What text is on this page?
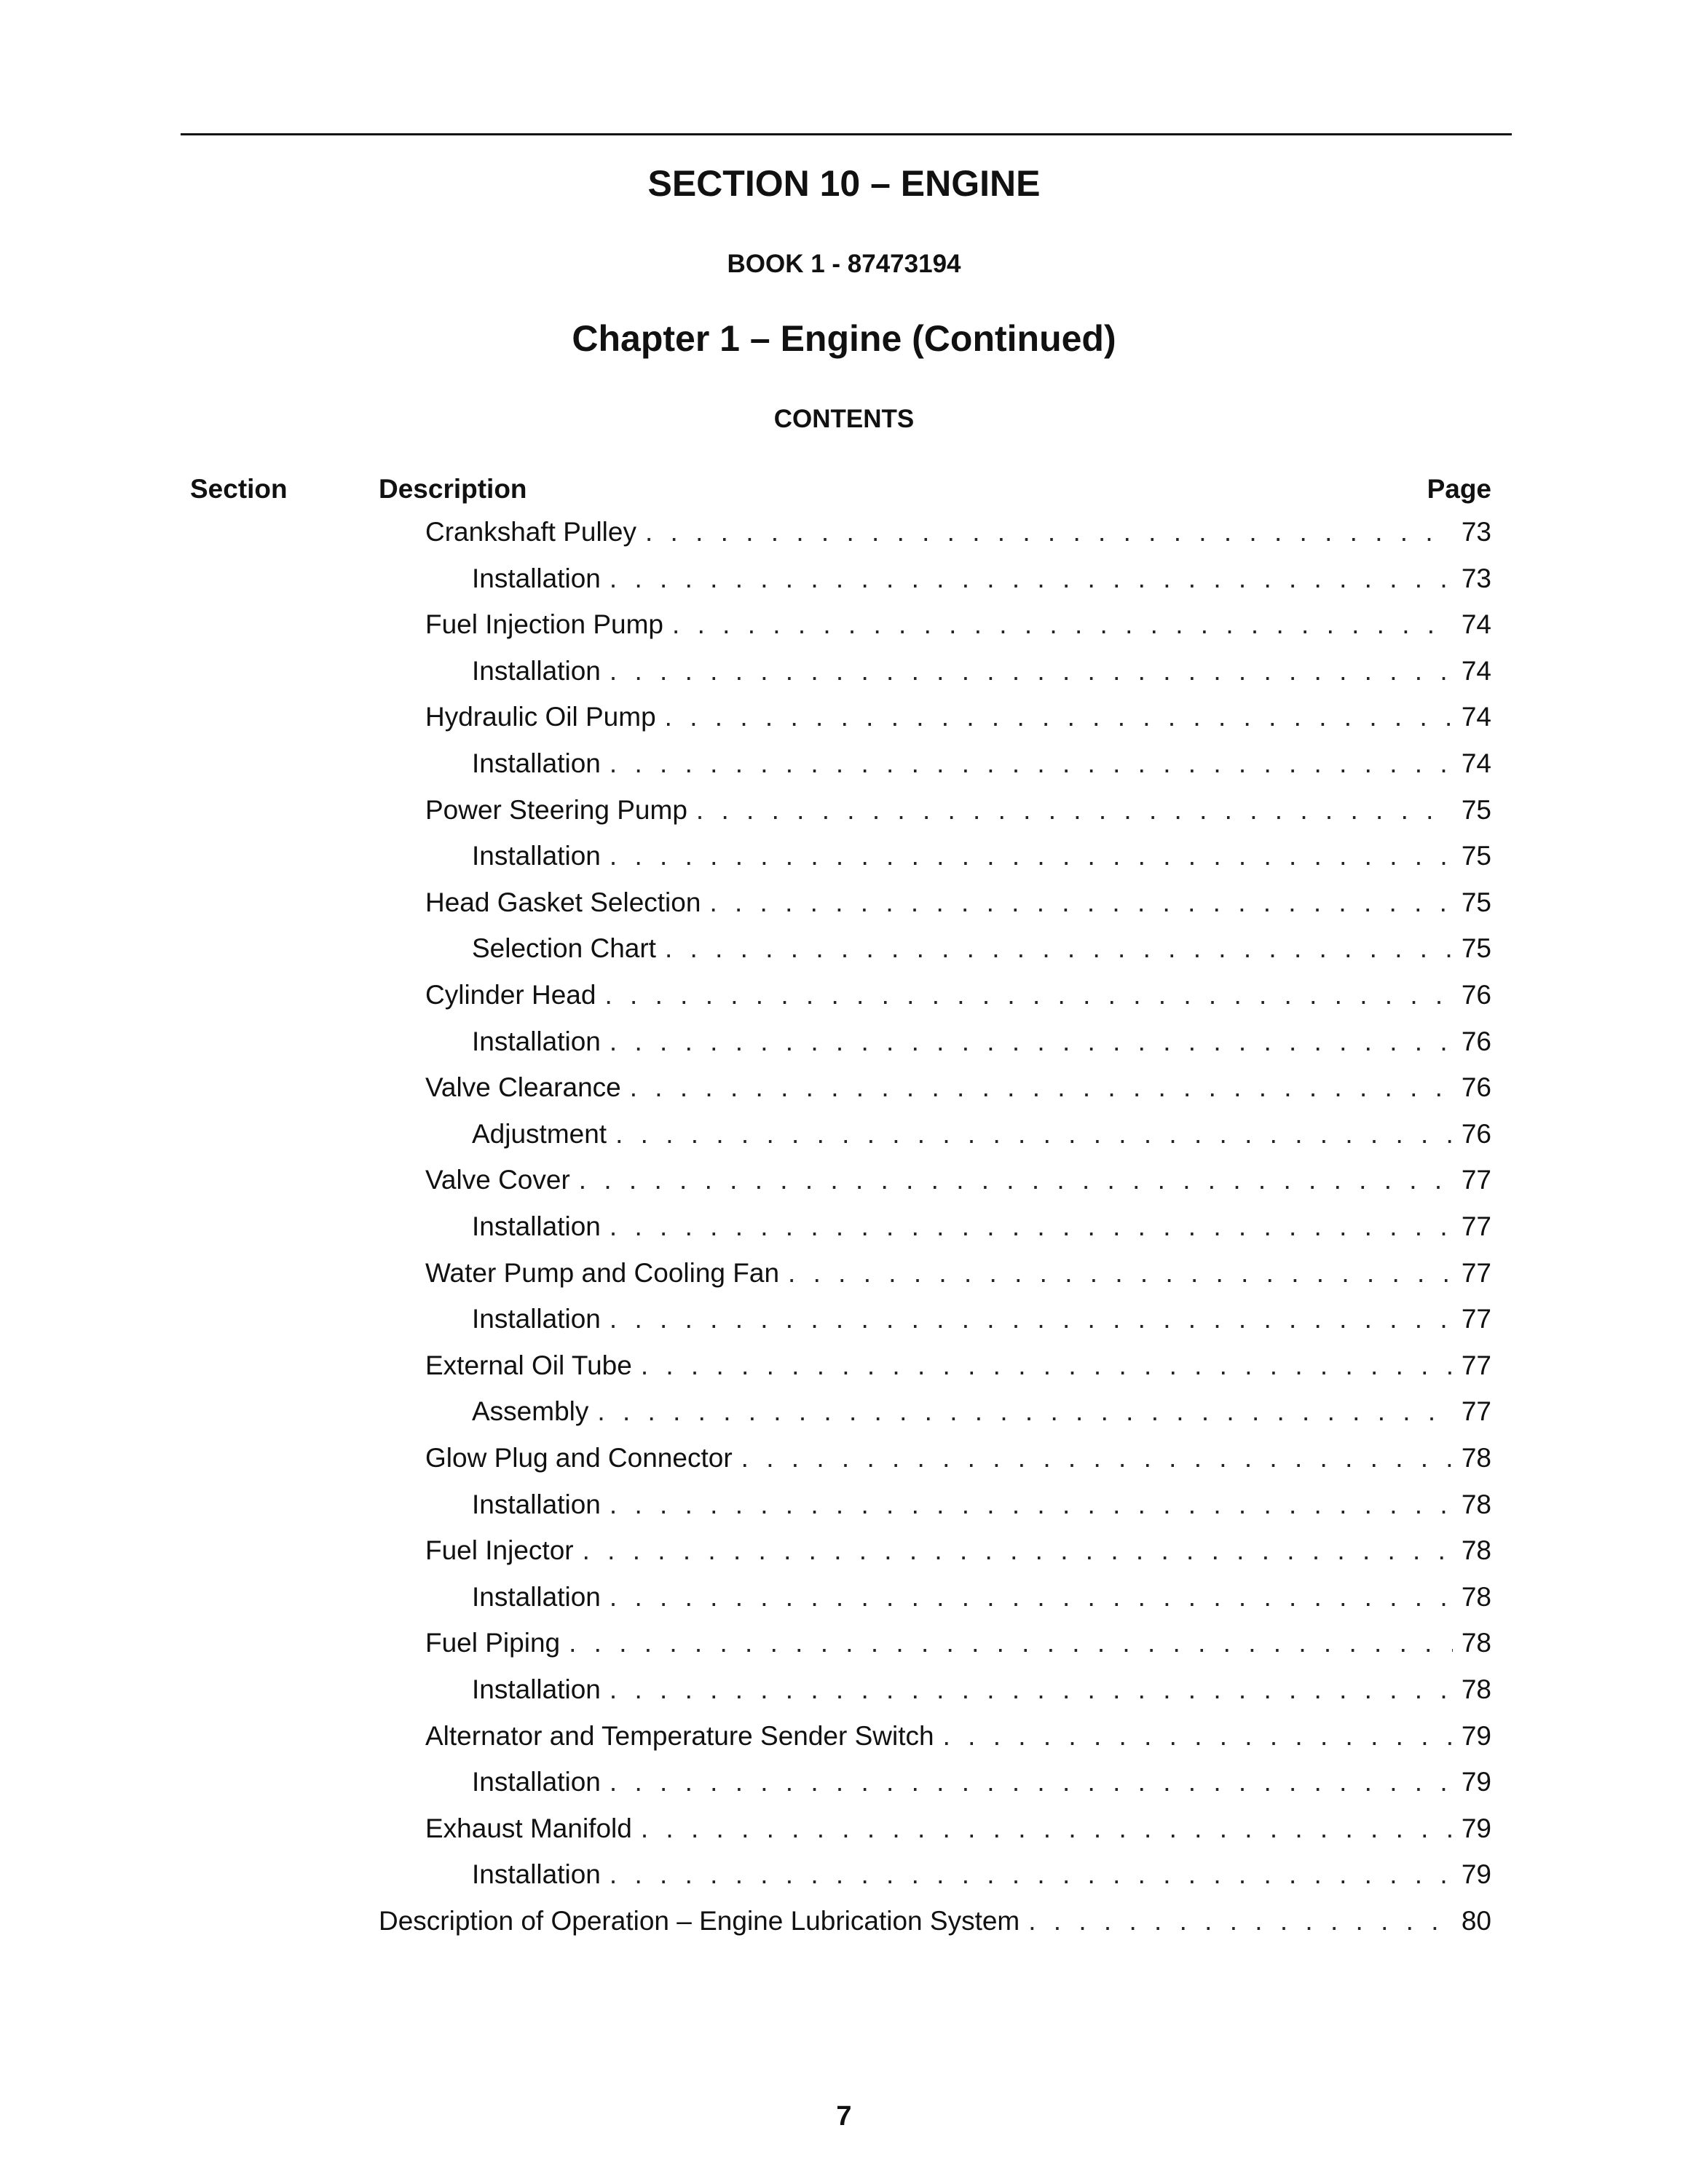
SECTION 10 – ENGINE
BOOK 1 - 87473194
Chapter 1 – Engine (Continued)
CONTENTS
Section	Description	Page
Crankshaft Pulley . . .	73
Installation . . .	73
Fuel Injection Pump . . .	74
Installation . . .	74
Hydraulic Oil Pump . . .	74
Installation . . .	74
Power Steering Pump . . .	75
Installation . . .	75
Head Gasket Selection . . .	75
Selection Chart . . .	75
Cylinder Head . . .	76
Installation . . .	76
Valve Clearance . . .	76
Adjustment . . .	76
Valve Cover . . .	77
Installation . . .	77
Water Pump and Cooling Fan . . .	77
Installation . . .	77
External Oil Tube . . .	77
Assembly . . .	77
Glow Plug and Connector . . .	78
Installation . . .	78
Fuel Injector . . .	78
Installation . . .	78
Fuel Piping . . .	78
Installation . . .	78
Alternator and Temperature Sender Switch . . .	79
Installation . . .	79
Exhaust Manifold . . .	79
Installation . . .	79
Description of Operation – Engine Lubrication System . . .	80
7
